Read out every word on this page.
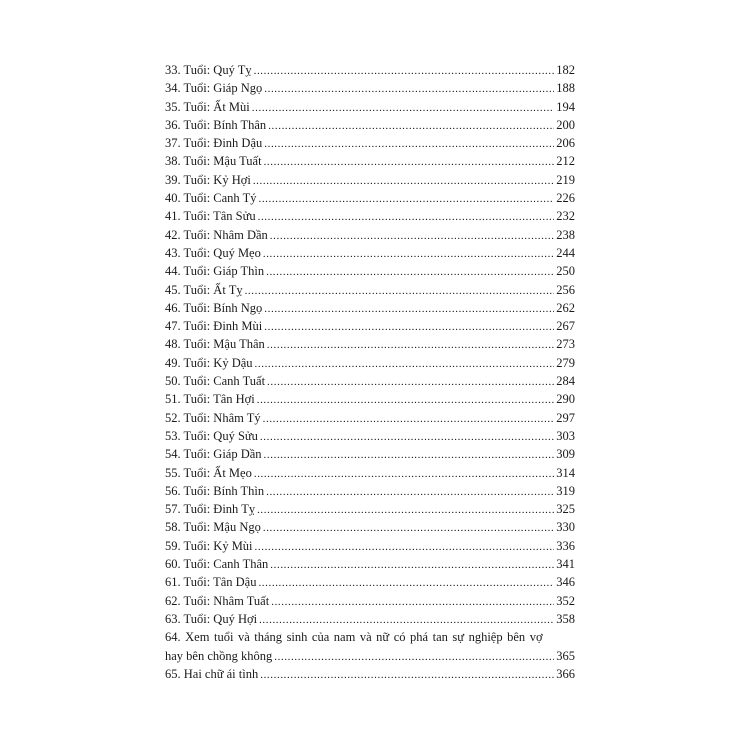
33. Tuổi: Quý Tỵ .....	182
34. Tuổi: Giáp Ngọ .....	188
35. Tuổi: Ất Mùi .....	194
36. Tuổi: Bính Thân .....	200
37. Tuổi: Đinh Dậu .....	206
38. Tuổi: Mậu Tuất .....	212
39. Tuổi: Kỷ Hợi .....	219
40. Tuổi: Canh Tý .....	226
41. Tuổi: Tân Sửu .....	232
42. Tuổi: Nhâm Dần .....	238
43. Tuổi: Quý Mẹo .....	244
44. Tuổi: Giáp Thìn .....	250
45. Tuổi: Ất Tỵ .....	256
46. Tuổi: Bính Ngọ .....	262
47. Tuổi: Đinh Mùi .....	267
48. Tuổi: Mậu Thân .....	273
49. Tuổi: Kỷ Dậu .....	279
50. Tuổi: Canh Tuất .....	284
51. Tuổi: Tân Hợi .....	290
52. Tuổi: Nhâm Tý .....	297
53. Tuổi: Quý Sửu .....	303
54. Tuổi: Giáp Dần .....	309
55. Tuổi: Ất Mẹo .....	314
56. Tuổi: Bính Thìn .....	319
57. Tuổi: Đinh Tỵ .....	325
58. Tuổi: Mậu Ngọ .....	330
59. Tuổi: Kỷ Mùi .....	336
60. Tuổi: Canh Thân .....	341
61. Tuổi: Tân Dậu .....	346
62. Tuổi: Nhâm Tuất .....	352
63. Tuổi: Quý Hợi .....	358
64. Xem tuổi và tháng sinh của nam và nữ có phá tan sự nghiệp bên vợ
hay bên chồng không .....	365
65. Hai chữ ái tình .....	366
